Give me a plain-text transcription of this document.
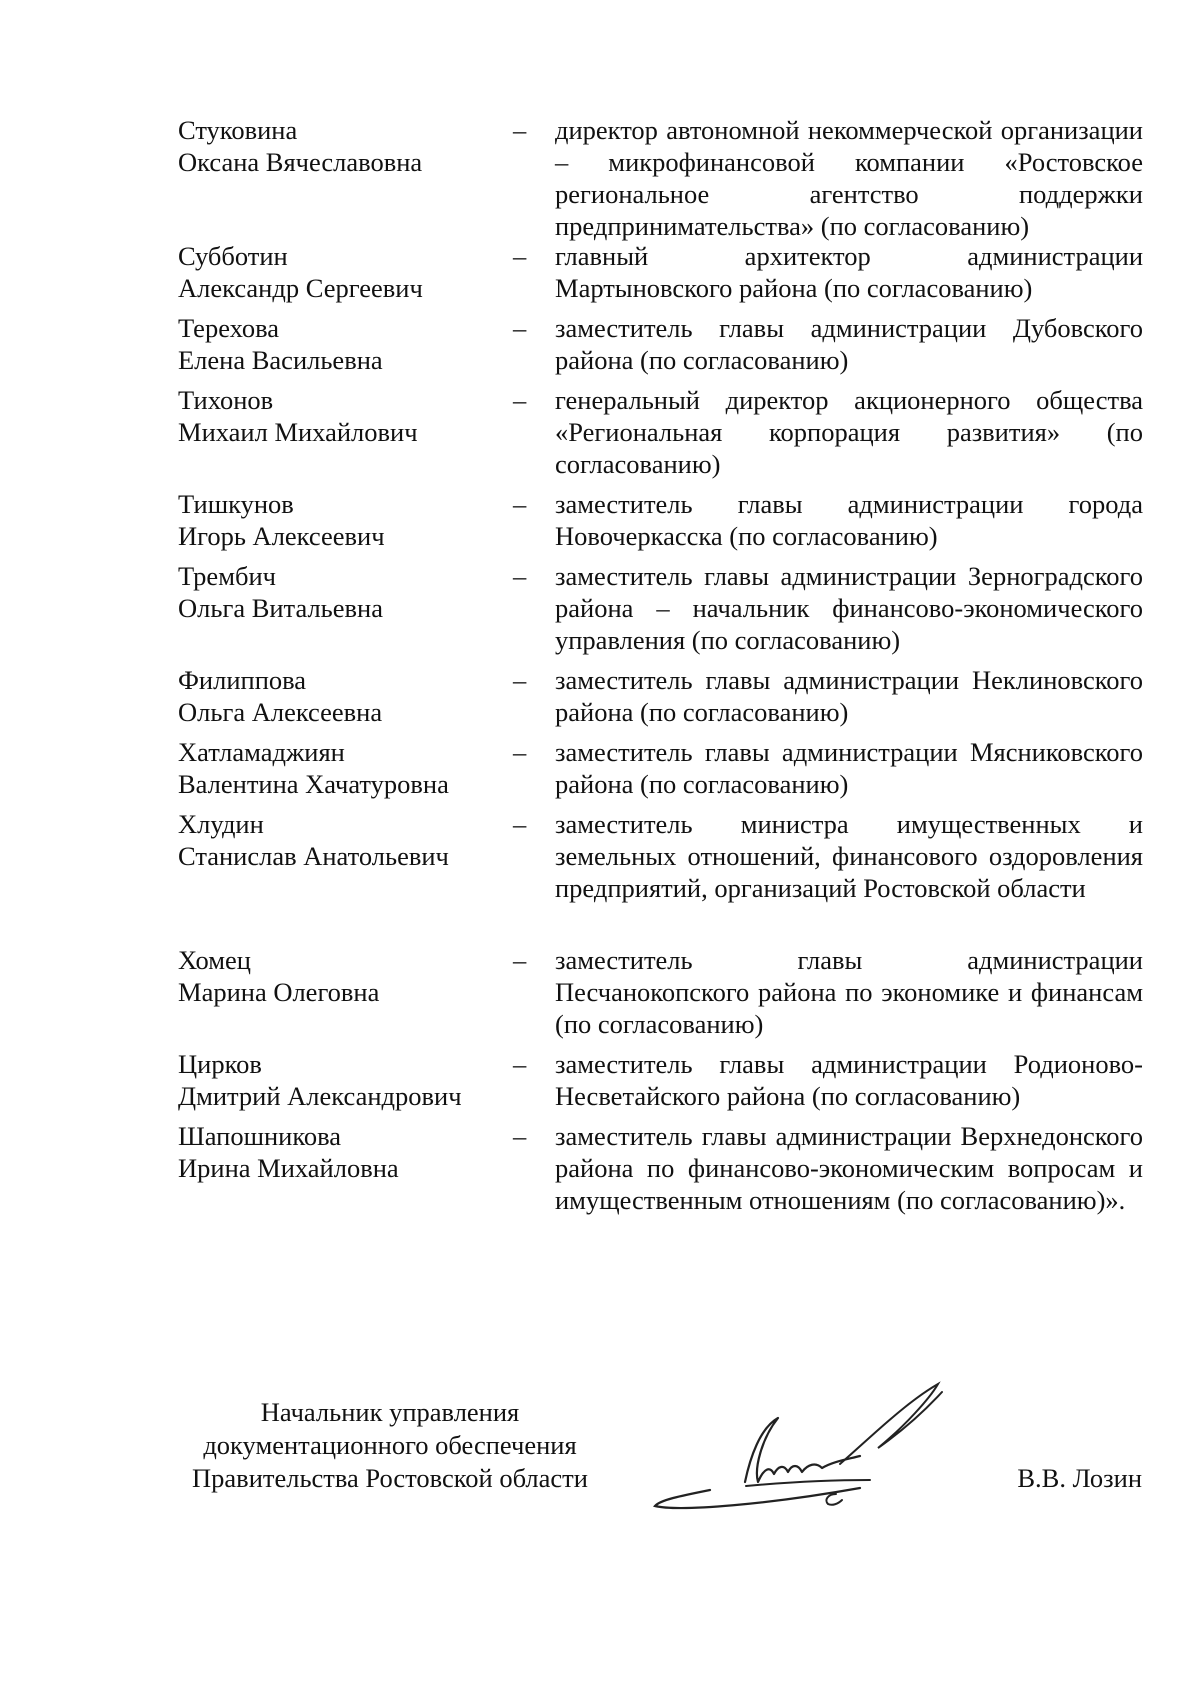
Стуковина
Оксана Вячеславовна
–	директор автономной некоммерческой организации – микрофинансовой компании «Ростовское региональное агентство поддержки предпринимательства» (по согласованию)
Субботин
Александр Сергеевич
–	главный архитектор администрации Мартыновского района (по согласованию)
Терехова
Елена Васильевна
–	заместитель главы администрации Дубовского района (по согласованию)
Тихонов
Михаил Михайлович
–	генеральный директор акционерного общества «Региональная корпорация развития» (по согласованию)
Тишкунов
Игорь Алексеевич
–	заместитель главы администрации города Новочеркасска (по согласованию)
Трембич
Ольга Витальевна
–	заместитель главы администрации Зерноградского района – начальник финансово-экономического управления (по согласованию)
Филиппова
Ольга Алексеевна
–	заместитель главы администрации Неклиновского района (по согласованию)
Хатламаджиян
Валентина Хачатуровна
–	заместитель главы администрации Мясниковского района (по согласованию)
Хлудин
Станислав Анатольевич
–	заместитель министра имущественных и земельных отношений, финансового оздоровления предприятий, организаций Ростовской области
Хомец
Марина Олеговна
–	заместитель главы администрации Песчанокопского района по экономике и финансам (по согласованию)
Цирков
Дмитрий Александрович
–	заместитель главы администрации Родионово-Несветайского района (по согласованию)
Шапошникова
Ирина Михайловна
–	заместитель главы администрации Верхнедонского района по финансово-экономическим вопросам и имущественным отношениям (по согласованию)».
Начальник управления
документационного обеспечения
Правительства Ростовской области	В.В. Лозин
